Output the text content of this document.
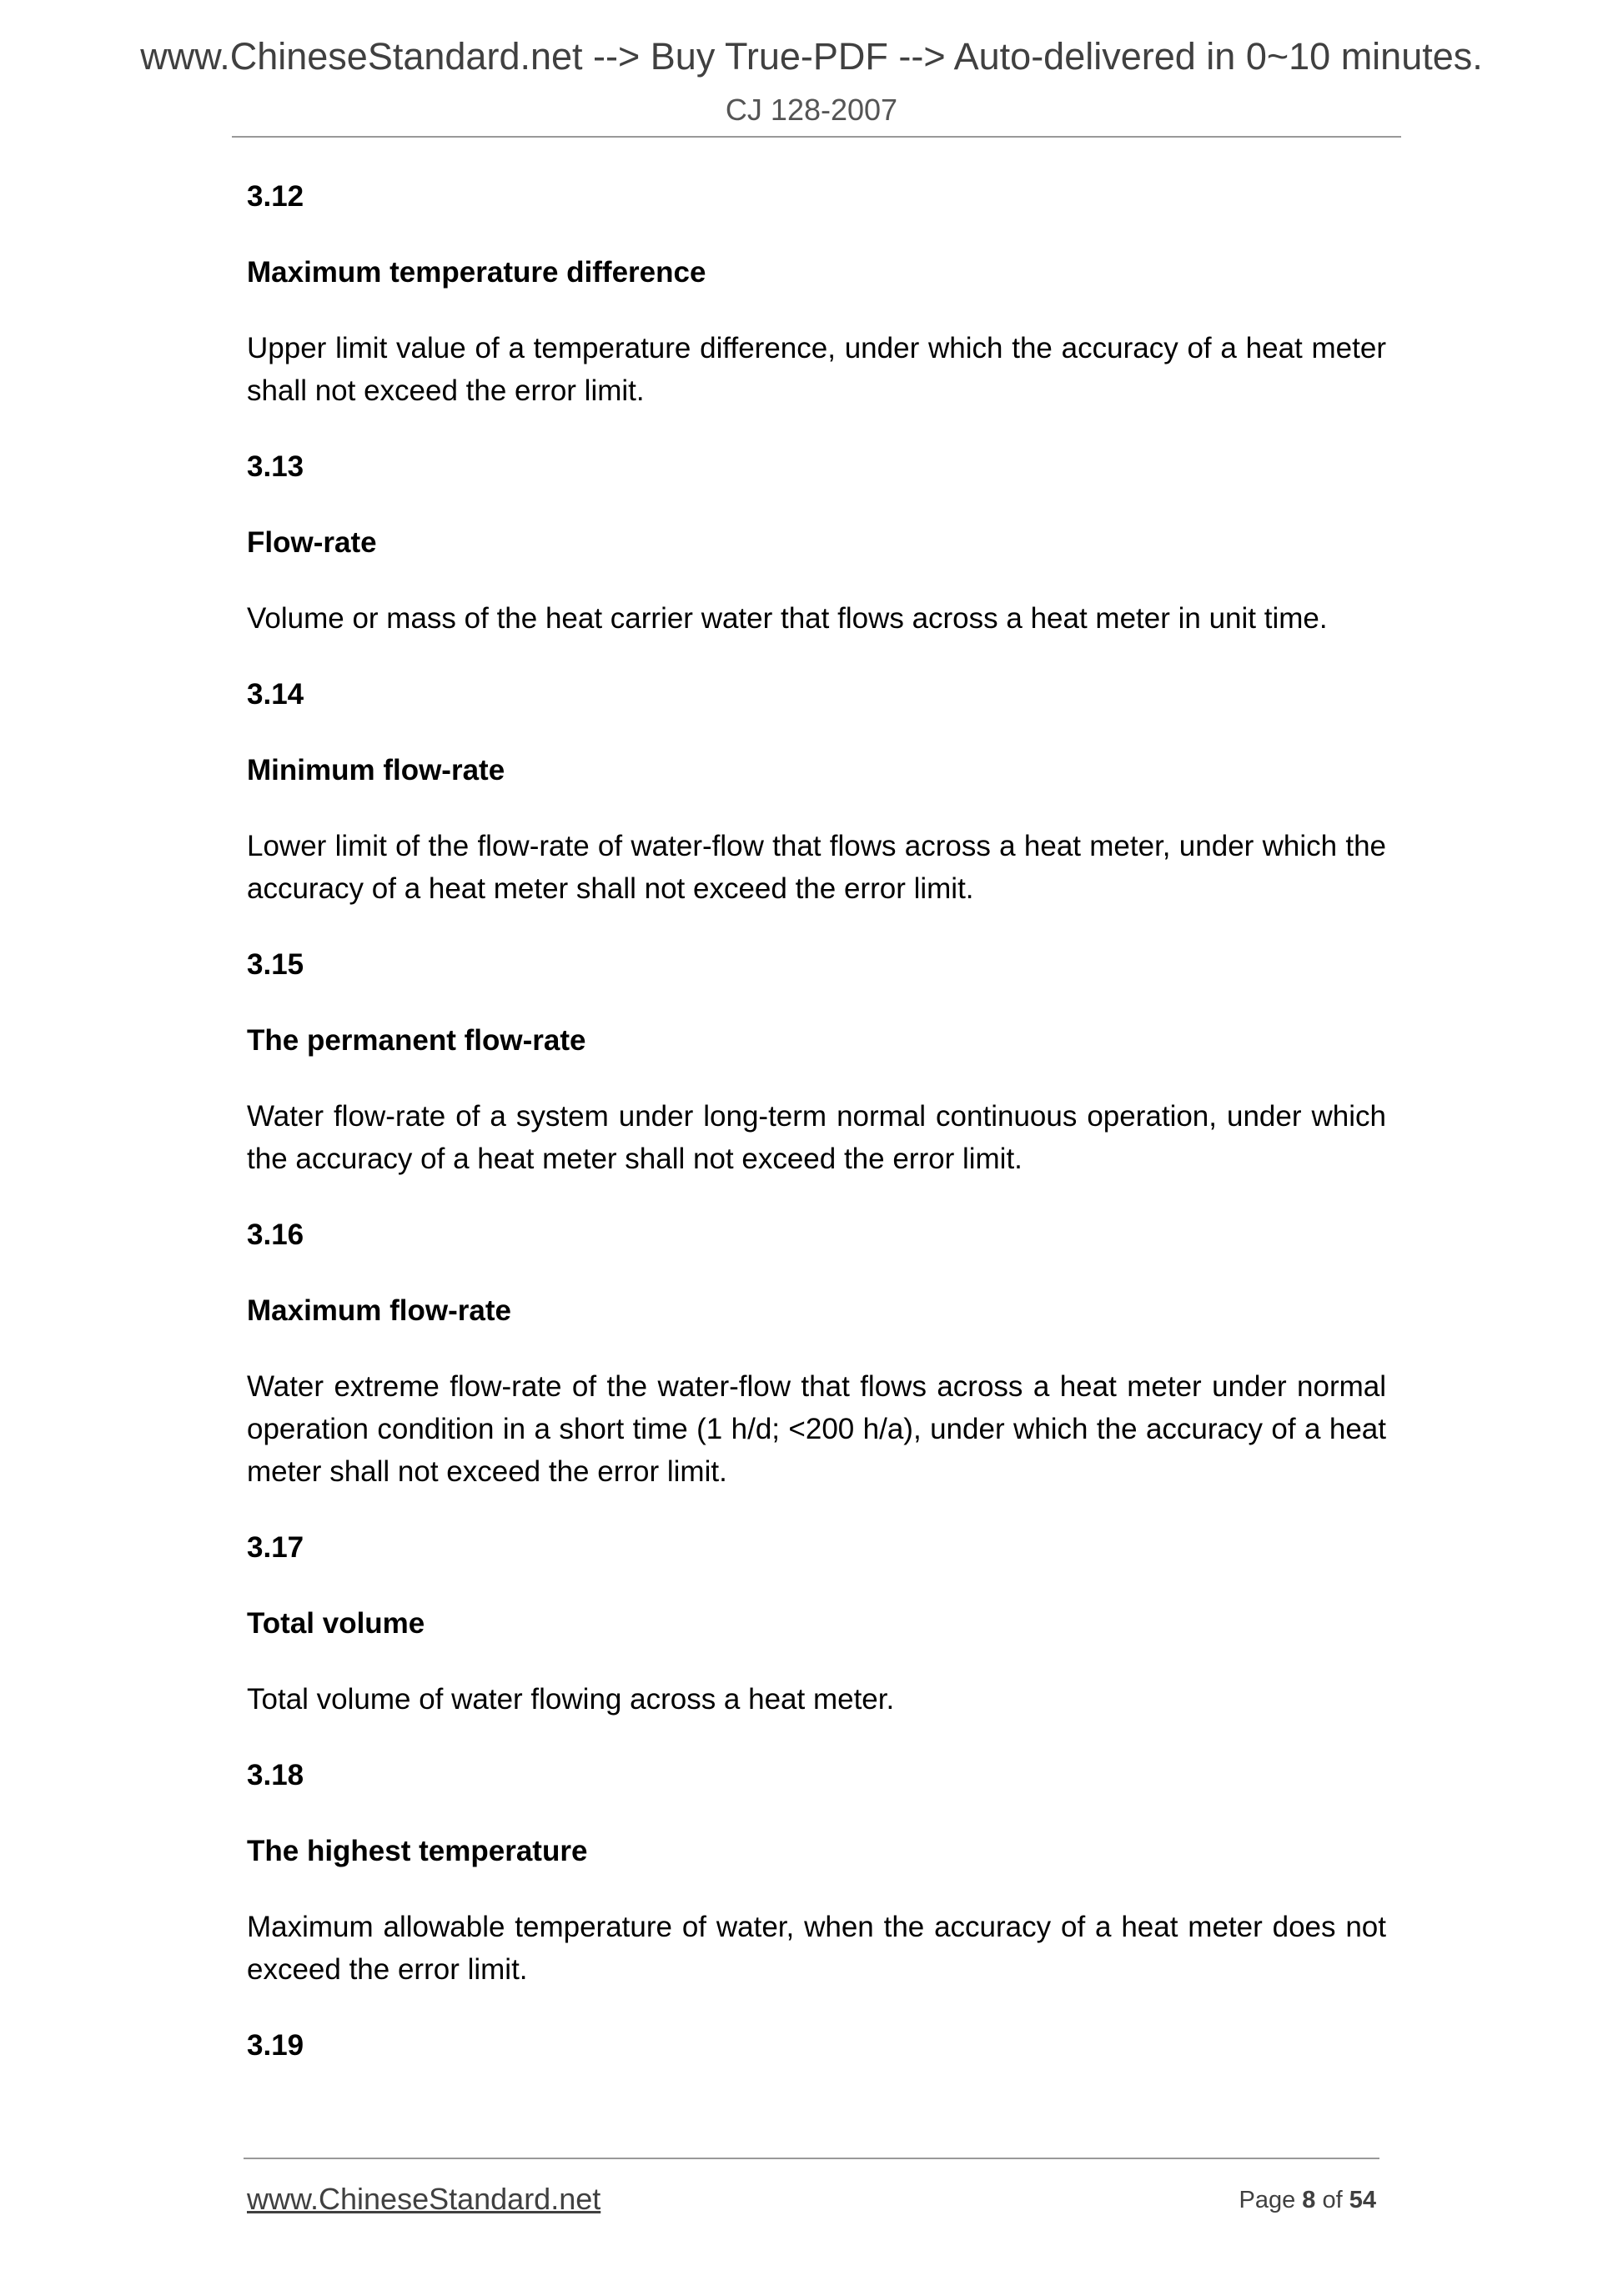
www.ChineseStandard.net --> Buy True-PDF --> Auto-delivered in 0~10 minutes.
CJ 128-2007
3.12
Maximum temperature difference
Upper limit value of a temperature difference, under which the accuracy of a heat meter shall not exceed the error limit.
3.13
Flow-rate
Volume or mass of the heat carrier water that flows across a heat meter in unit time.
3.14
Minimum flow-rate
Lower limit of the flow-rate of water-flow that flows across a heat meter, under which the accuracy of a heat meter shall not exceed the error limit.
3.15
The permanent flow-rate
Water flow-rate of a system under long-term normal continuous operation, under which the accuracy of a heat meter shall not exceed the error limit.
3.16
Maximum flow-rate
Water extreme flow-rate of the water-flow that flows across a heat meter under normal operation condition in a short time (1 h/d; <200 h/a), under which the accuracy of a heat meter shall not exceed the error limit.
3.17
Total volume
Total volume of water flowing across a heat meter.
3.18
The highest temperature
Maximum allowable temperature of water, when the accuracy of a heat meter does not exceed the error limit.
3.19
www.ChineseStandard.net	Page 8 of 54
